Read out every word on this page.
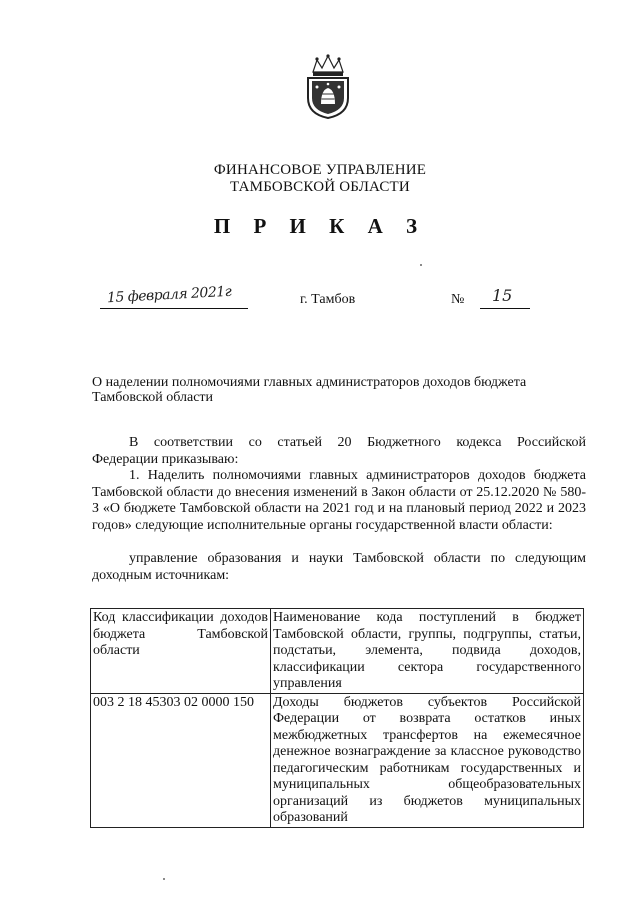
ФИНАНСОВОЕ УПРАВЛЕНИЕ
ТАМБОВСКОЙ ОБЛАСТИ
П Р И К А З
15 февраля 2021г	г. Тамбов	№ 15
О наделении полномочиями главных администраторов доходов бюджета
Тамбовской области
В соответствии со статьей 20 Бюджетного кодекса Российской
Федерации приказываю:
1. Наделить полномочиями главных администраторов доходов бюджета Тамбовской области до внесения изменений в Закон области от 25.12.2020 № 580-З «О бюджете Тамбовской области на 2021 год и на плановый период 2022 и 2023 годов» следующие исполнительные органы государственной власти области:
управление образования и науки Тамбовской области по следующим доходным источникам:
Код классификации доходов бюджета Тамбовской области	Наименование кода поступлений в бюджет Тамбовской области, группы, подгруппы, статьи, подстатьи, элемента, подвида доходов, классификации сектора государственного управления
003 2 18 45303 02 0000 150	Доходы бюджетов субъектов Российской Федерации от возврата остатков иных межбюджетных трансфертов на ежемесячное денежное вознаграждение за классное руководство педагогическим работникам государственных и муниципальных общеобразовательных организаций из бюджетов муниципальных образований
